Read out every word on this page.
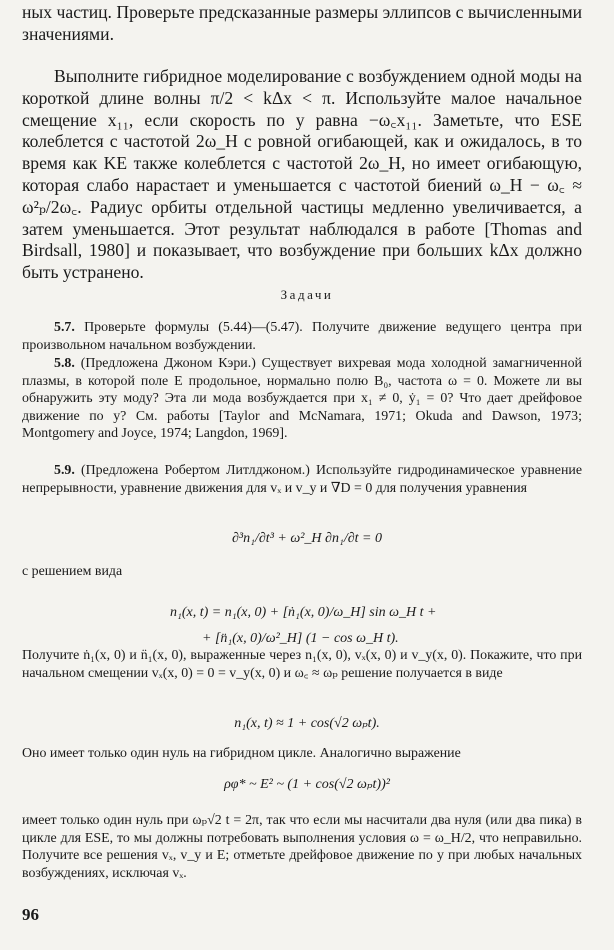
ных частиц. Проверьте предсказанные размеры эллипсов с вычисленными значениями.

Выполните гибридное моделирование с возбуждением одной моды на короткой длине волны π/2 < kΔx < π. Используйте малое начальное смещение x₁₁, если скорость по y равна −ω꜀x₁₁. Заметьте, что ESE колеблется с частотой 2ω_H с ровной огибающей, как и ожидалось, в то время как KE также колеблется с частотой 2ω_H, но имеет огибающую, которая слабо нарастает и уменьшается с частотой биений ω_H − ω꜀ ≈ ω²ₚ/2ω꜀. Радиус орбиты отдельной частицы медленно увеличивается, а затем уменьшается. Этот результат наблюдался в работе [Thomas and Birdsall, 1980] и показывает, что возбуждение при больших kΔx должно быть устранено.

Задачи

5.7. Проверьте формулы (5.44)—(5.47). Получите движение ведущего центра при произвольном начальном возбуждении.

5.8. (Предложена Джоном Кэри.) Существует вихревая мода холодной замагниченной плазмы, в которой поле E продольное, нормально полю B₀, частота ω = 0. Можете ли вы обнаружить эту моду? Эта ли мода возбуждается при x₁ ≠ 0, ẏ₁ = 0? Что дает дрейфовое движение по y? См. работы [Taylor and McNamara, 1971; Okuda and Dawson, 1973; Montgomery and Joyce, 1974; Langdon, 1969].

5.9. (Предложена Робертом Литлджоном.) Используйте гидродинамическое уравнение непрерывности, уравнение движения для vₓ и v_y и ∇D = 0 для получения уравнения

∂³n₁/∂t³ + ω²_H ∂n₁/∂t = 0

с решением вида

n₁(x, t) = n₁(x, 0) + [ṅ₁(x, 0)/ω_H] sin ω_H t +

+ [n̈₁(x, 0)/ω²_H] (1 − cos ω_H t).

Получите ṅ₁(x, 0) и n̈₁(x, 0), выраженные через n₁(x, 0), vₓ(x, 0) и v_y(x, 0). Покажите, что при начальном смещении vₓ(x, 0) = 0 = v_y(x, 0) и ω꜀ ≈ ωₚ решение получается в виде

n₁(x, t) ≈ 1 + cos(√2 ωₚt).

Оно имеет только один нуль на гибридном цикле. Аналогично выражение

ρφ* ~ E² ~ (1 + cos(√2 ωₚt))²

имеет только один нуль при ωₚ√2 t = 2π, так что если мы насчитали два нуля (или два пика) в цикле для ESE, то мы должны потребовать выполнения условия ω = ω_H/2, что неправильно. Получите все решения vₓ, v_y и E; отметьте дрейфовое движение по y при любых начальных возбуждениях, исключая vₓ.

96
